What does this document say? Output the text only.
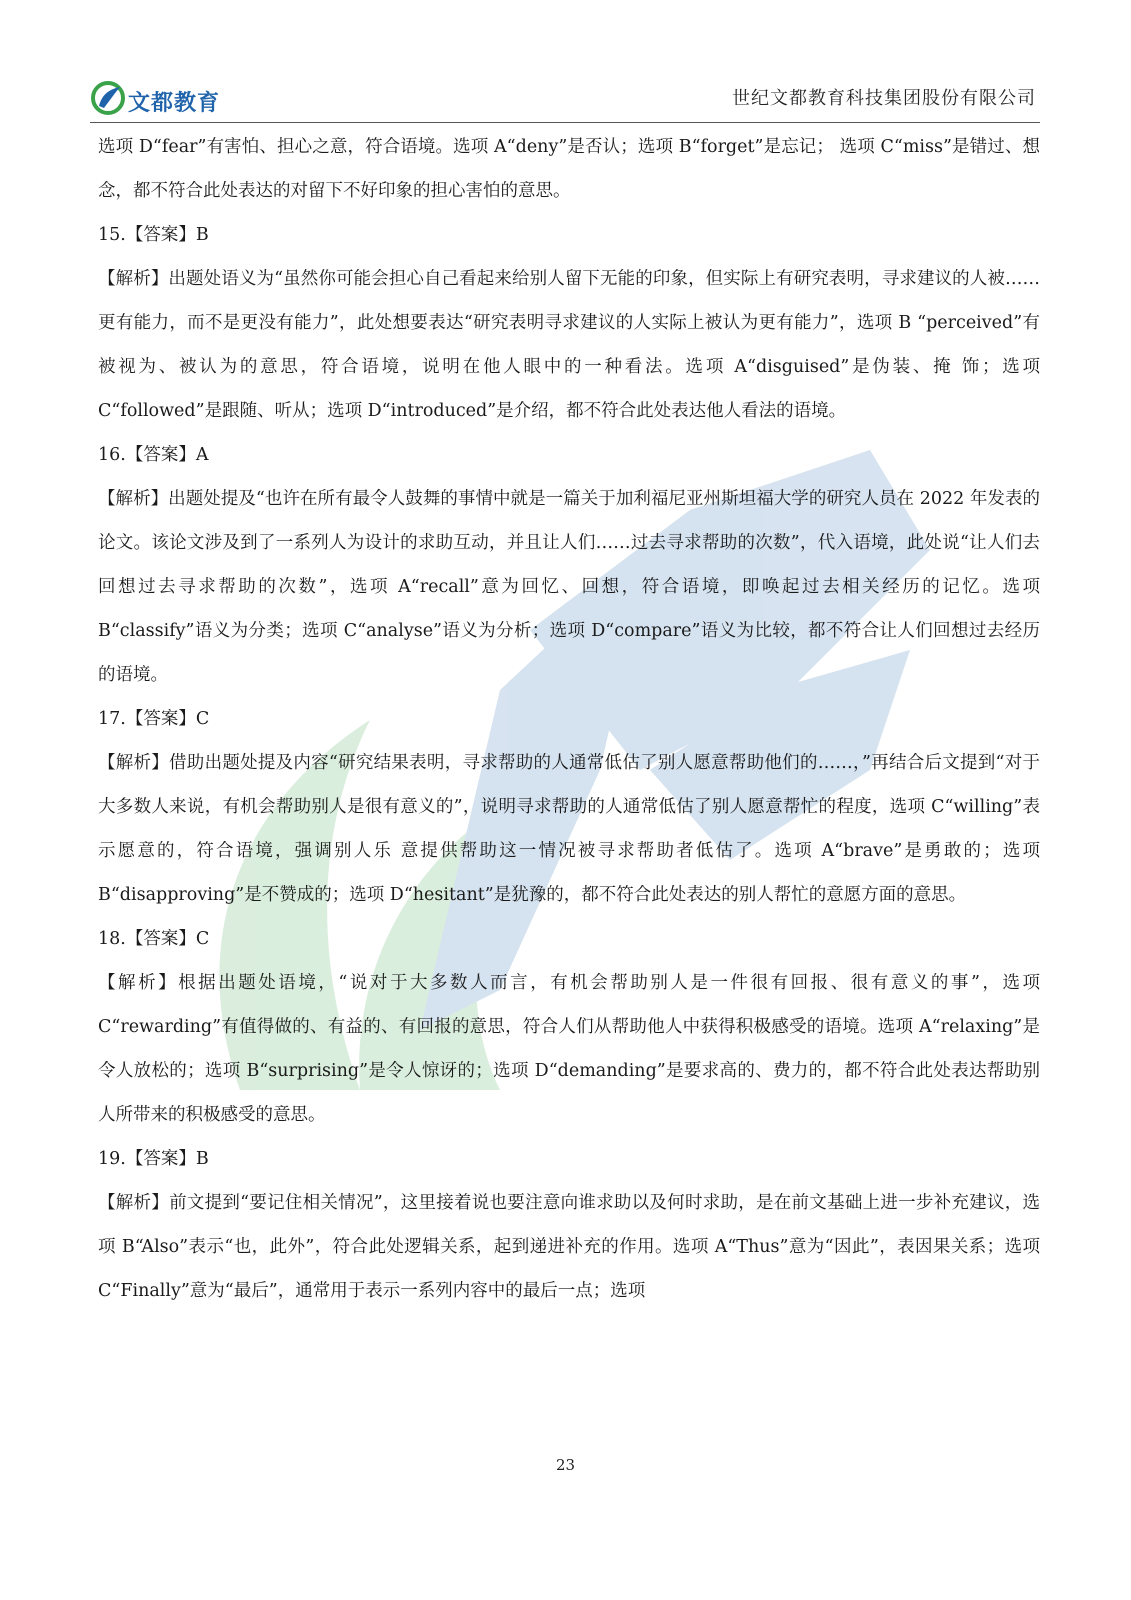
文都教育	世纪文都教育科技集团股份有限公司

选项 D“fear”有害怕、担心之意，符合语境。选项 A“deny”是否认；选项 B“forget”是忘记； 选项 C“miss”是错过、想念，都不符合此处表达的对留下不好印象的担心害怕的意思。

15.【答案】B

【解析】出题处语义为“虽然你可能会担心自己看起来给别人留下无能的印象，但实际上有研究表明，寻求建议的人被……更有能力，而不是更没有能力”，此处想要表达“研究表明寻求建议的人实际上被认为更有能力”，选项 B “perceived”有被视为、被认为的意思，符合语境，说明在他人眼中的一种看法。选项 A“disguised”是伪装、掩 饰；选项 C“followed”是跟随、听从；选项 D“introduced”是介绍，都不符合此处表达他人看法的语境。

16.【答案】A

【解析】出题处提及“也许在所有最令人鼓舞的事情中就是一篇关于加利福尼亚州斯坦福大学的研究人员在 2022 年发表的论文。该论文涉及到了一系列人为设计的求助互动，并且让人们……过去寻求帮助的次数”，代入语境，此处说“让人们去回想过去寻求帮助的次数”，选项 A“recall”意为回忆、回想，符合语境，即唤起过去相关经历的记忆。选项 B“classify”语义为分类；选项 C“analyse”语义为分析；选项 D“compare”语义为比较，都不符合让人们回想过去经历的语境。

17.【答案】C

【解析】借助出题处提及内容“研究结果表明，寻求帮助的人通常低估了别人愿意帮助他们的……，”再结合后文提到“对于大多数人来说，有机会帮助别人是很有意义的”，说明寻求帮助的人通常低估了别人愿意帮忙的程度，选项 C“willing”表示愿意的，符合语境，强调别人乐 意提供帮助这一情况被寻求帮助者低估了。选项 A“brave”是勇敢的；选项 B“disapproving”是不赞成的；选项 D“hesitant”是犹豫的，都不符合此处表达的别人帮忙的意愿方面的意思。

18.【答案】C

【解析】根据出题处语境，“说对于大多数人而言，有机会帮助别人是一件很有回报、很有意义的事”，选项 C“rewarding”有值得做的、有益的、有回报的意思，符合人们从帮助他人中获得积极感受的语境。选项 A“relaxing”是令人放松的；选项 B“surprising”是令人惊讶的；选项 D“demanding”是要求高的、费力的，都不符合此处表达帮助别人所带来的积极感受的意思。

19.【答案】B

【解析】前文提到“要记住相关情况”，这里接着说也要注意向谁求助以及何时求助，是在前文基础上进一步补充建议，选项 B“Also”表示“也，此外”，符合此处逻辑关系，起到递进补充的作用。选项 A“Thus”意为“因此”，表因果关系；选项 C“Finally”意为“最后”，通常用于表示一系列内容中的最后一点；选项

23
